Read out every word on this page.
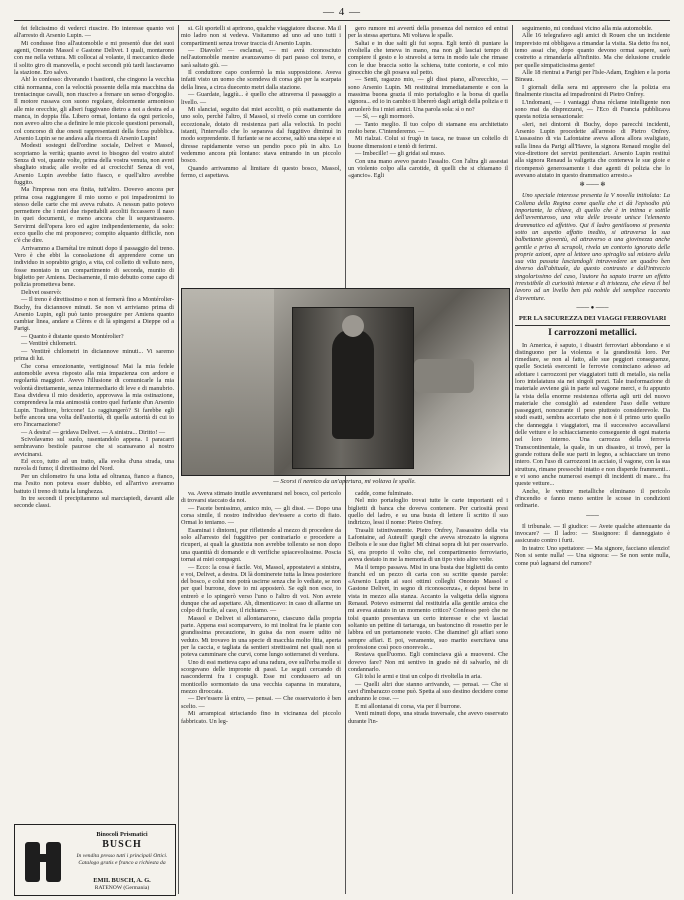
— 4 —

fei felicissimo di vederci riuscire. Ho interesse quanto voi all'arresto di Arsenio Lupin. —

Mi condusse fino all'automobile e mi presentò due dei suoi agenti, Onorato Massol e Gastone Delivet. I quali, montarono con me nella vettura. Mi collocai al volante, il meccanico diede il solito giro di manovella, e pochi secondi più tardi lasciavamo la stazione. Ero salvo.

Ah! lo confesso: divorando i bastioni, che cingono la vecchia città normanna, con la velocità possente della mia macchina da trentacinque cavalli, non riuscivo a frenare un senso d'orgoglio. Il motore russava con suono regolare, dolcemente armonioso alle mie orecchie, gli alberi fuggivano dietro a noi a destra ed a manca, in doppia fila. Libero ormai, lontano da ogni pericolo, non avevo altro che a definire le mie piccole questioni personali, col concorso di due onesti rappresentanti della forza pubblica. Arsenio Lupin se ne andava alla ricerca di Arsenio Lupin!

Modesti sostegni dell'ordine sociale, Delivet e Massol, scopriamo la verità; quanto avrei io bisogno del vostro aiuto! Senza di voi, quante volte, prima della vostra venuta, non avrei sbagliato strada; alle svolte ed ai crocicchi! Senza di voi, Arsenio Lupin avrebbe fatto fiasco, e quell'altro avrebbe fuggito.

Ma l'impresa non era finita, tutt'altro. Dovevo ancora per prima cosa raggiungere il mio uomo e poi impadronirmi io stesso delle carte che mi aveva rubato. A nessun patto potevo permettere che i miei due rispettabili accoliti ficcassero il naso in quei documenti, e meno ancora che li sequestrassero. Servirmi dell'opera loro ed agire indipendentemente, da solo: ecco quello che mi proponevo; compito alquanto difficile, non c'è che dire.

Arrivammo a Darnétal tre minuti dopo il passaggio del treno. Vero è che ebbi la consolazione di apprendere come un individuo in soprabito grigio, a vita, col colletto di velluto nero, fosse montato in un compartimento di seconda, munito di biglietto per Amiens. Decisamente, il mio debutto come capo di polizia prometteva bene.

Delivet osservò:

— Il treno è direttissimo e non si fermerà fino a Montérolier-Buchy, fra diciannove minuti. Se non vi arriviamo prima di Arsenio Lupin, egli può tanto proseguire per Amiens quanto cambiar linea, andare a Clères e di là spingersi a Dieppe od a Parigi.

— Quanto è distante questo Montérolier?

— Ventitrè chilometri.

— Ventitrè chilometri in diciannove minuti... Vi saremo prima di lui.

Che corsa emozionante, vertiginosa! Mai la mia fedele automobile aveva risposto alla mia impazienza con ardore e regolarità maggiori. Avevo l'illusione di comunicarle la mia volontà direttamente, senza intermediario di leve e di manubrio. Essa divideva il mio desiderio, approvava la mia ostinazione, comprendeva la mia animosità contro quel furfante d'un Arsenio Lupin. Traditore, briccone! Lo raggiungerò? Si farebbe egli beffe ancora una volta dell'autorità, di quella autorità di cui io ero l'incarnazione?

— A destra! — gridava Delivet. — A sinistra... Diritto! —

Scivolavamo sul suolo, rasentandolo appena. I paracarri sembravano bestiole paurose che si scansavano al nostro avvicinarsi.

Ed ecco, tutto ad un tratto, alla svolta d'una strada, una nuvola di fumo; il direttissimo del Nord.

Per un chilometro fu una lotta ad oltranza, fianco a fianco, ma l'esito non poteva esser dubbio, ed all'arrivo avevamo battuto il treno di tutta la lunghezza.

In tre secondi il precipitammo sul marciapiedi, davanti alle seconde classi.

si. Gli sportelli si aprirono, qualche viaggiatore discese. Ma il mio ladro non si vedeva. Visitammo ad uno ad uno tutti i compartimenti senza trovar traccia di Arsenio Lupin.

— Diavolo! — esclamai, — mi avrà riconosciuto nell'automobile mentre avanzavamo di pari passo col treno, e sarà saltato giù. —

Il conduttore capo confermò la mia supposizione. Aveva infatti visto un uomo che scendeva di corsa giù per la scarpata della linea, a circa duecento metri dalla stazione.

— Guardate, laggiù... è quello che attraversa il passaggio a livello. —

Mi slanciai, seguito dai miei accoliti, o più esattamente da uno solo, perchè l'altro, il Massol, si rivelò come un corridore eccezionale, dotato di resistenza pari alla velocità. In pochi istanti, l'intervallo che lo separava dal fuggitivo diminuì in modo sorprendente. Il furfante se ne accorse, saltò una siepe e si diresse rapidamente verso un pendio poco più in alto. Lo vedemmo ancora più lontano: stava entrando in un piccolo bosco.

Quando arrivammo al limitare di questo bosco, Massol, fermo, ci aspettava.

gero rumore mi avvertì della presenza del nemico ed entrai per la stessa apertura. Mi voltava le spalle.

Saltai e in due salti gli fui sopra. Egli tentò di puntare la rivoltella che teneva in mano, ma non gli lasciai tempo di compiere il gesto e lo stravolsi a terra in modo tale che rimase con le due braccia sotto la schiena, tutte contorte, e col mio ginocchio che gli posava sul petto.

— Senti, ragazzo mio, — gli dissi piano, all'orecchio, — sono Arsenio Lupin. Mi restituirai immediatamente e con la massima buona grazia il mio portafoglio e la borsa di quella signora... ed io in cambio ti libererò dagli artigli della polizia e ti arruolerò fra i miei amici. Una parola sola: sì o no?

— Sì, — egli mormorò.

— Tanto meglio. Il tuo colpo di stamane era architettato molto bene. C'intenderemo. —

Mi rialzai. Colui si frugò in tasca, ne trasse un coltello di buone dimensioni e tentò di ferirmi.

— Imbecille! — gli gridai sul muso.

Con una mano avevo parato l'assalto. Con l'altra gli assestai un violento colpo alla carotide, di quelli che si chiamano il «gancio». Egli

— Scorsi il nemico da un'apertura, mi voltava le spalle.

va. Aveva stimato inutile avventurarsi nel bosco, col pericolo di trovarsi staccato da noi.

— Facete benissimo, amico mio, — gli dissi. — Dopo una corsa simile, il nostro individuo dev'essere a corto di fiato. Ormai lo teniamo. —

Esaminai i dintorni, pur riflettendo al mezzo di procedere da solo all'arresto del fuggitivo per contrariarlo e procedere a ricuperi, ai quali la giustizia non avrebbe tollerato se non dopo una quantità di domande e di verifiche spiacevolissime. Poscia tornai ai miei compagni.

— Ecco: la cosa è facile. Voi, Massol, appostatevi a sinistra, e voi, Delivet, a destra. Di là dominerete tutta la linea posteriore del bosco, e colui non potrà uscirne senza che lo vediate, se non per quel burrone, dove io mi apposterò. Se egli non esce, io entrerò e lo spingerò verso l'uno o l'altro di voi. Non avrete dunque che ad aspettare. Ah, dimenticavo: in caso di allarme un colpo di fucile, al caso, il richiamo. —

Massol e Delivet si allontanarono, ciascuno dalla propria parte. Appena essi scomparvero, io mi inoltrai fra le piante con grandissima precauzione, in guisa da non essere udito nè veduto. Mi trovavo in una specie di macchia molto fitta, aperta per la caccia, e tagliata da sentieri strettissimi nei quali non si poteva camminare che curvi, come lungo sotterranei di verdura.

Uno di essi metteva capo ad una radura, ove sull'erba molle si scorgevano delle impronte di passi. Le seguii cercando di nascondermi fra i cespugli. Esse mi condussero ad un monticello sormontato da una vecchia capanna in muratura, mezzo diroccata.

— Dev'essere là entro, — pensai. — Che osservatorio è ben scelto. —

Mi arrampicai strisciando fino in vicinanza del piccolo fabbricato. Un leg-

cadde, come fulminato.

Nel mio portafoglio trovai tutte le carte importanti ed i biglietti di banca che doveva contenere. Per curiosità presi quello del ladro, e su una busta di lettere lì scritto il suo indirizzo, lessi il nome: Pietro Onfrey.

Trasalii istintivamente. Pietro Onfrey, l'assassino della via Lafontaine, ad Auteuil! quegli che aveva strozzato la signora Delbois e le sue due figlie! Mi chinai sopra di lui per osservarlo. Sì, era proprio il volto che, nel compartimento ferroviario, aveva destato in me la memoria di un tipo visto altre volte.

Ma il tempo passava. Misi in una busta due biglietti da cento franchi ed un pezzo di carta con su scritte queste parole: «Arsenio Lupin ai suoi ottimi colleghi Onorato Massol e Gastone Delivet, in segno di riconoscenza», e deposi bene in vista in mezzo alla stanza. Accanto la valigetta della signora Renaud. Potevo esimermi dal restituirla alla gentile amica che mi aveva aiutato in un momento critico? Confesso però che ne tolsi quanto presentava un certo interesse e che vi lasciai soltanto un pettine di tartaruga, un bastoncino di rossetto per le labbra ed un portamonete vuoto. Che diamine! gli affari sono sempre affari. E poi, veramente, suo marito esercitava una professione così poco onorevole...

Restava quell'uomo. Egli cominciava già a muoversi. Che dovevo fare? Non mi sentivo in grado nè di salvarlo, nè di condannarlo.

Gli tolsi le armi e tirai un colpo di rivoltella in aria.

— Quelli altri due stanno arrivando, — pensai. — Che si cavi d'imbarazzo come può. Spetta al suo destino decidere come andranno le cose. —

E mi allontanai di corsa, via per il burrone.

Venti minuti dopo, una strada traversale, che avevo osservato durante l'in-

seguimento, mi condussi vicino alla mia automobile.

Alle 16 telegrafavo agli amici di Rouen che un incidente imprevisto mi obbligava a rimandar la visita. Sia detto fra noi, temo assai che, dopo quanto devono ormai sapere, sarò costretto a rimandarla all'infinito. Ma che delusione crudele per quelle simpaticissima gente!

Alle 18 rientrai a Parigi per l'Isle-Adam, Enghien e la porta Bineau.

I giornali della sera mi appresero che la polizia era finalmente riuscita ad impadronirsi di Pietro Onfrey.

L'indomani, — i vantaggi d'una réclame intelligente non sono mai da disprezzarsi, — l'Eco di Francia pubblicava questa notizia sensazionale:

«Ieri, nei dintorni di Buchy, dopo parecchi incidenti, Arsenio Lupin procedette all'arresto di Pietro Onfrey. L'assassino di via Lafontaine aveva allora allora svaligiato, sulla linea da Parigi all'Havre, la signora Renaud moglie del vice-direttore dei servizi penitenziari. Arsenio Lupin restituì alla signora Renaud la valigetta che conteneva le sue gioie e ricompensò generosamente i due agenti di polizia che lo avevano aiutato in questo drammatico arresto.»

✻ ─── ✻

Uno speciale interesse presenta la V novella intitolata: La Collana della Regina come quella che ci dà l'episodio più importante, la chiave, di quello che è in intima e sottile dell'avventuroso, una vita delle trovate unisce l'elemento drammatico ed affettivo. Qui il ladro gentiluomo si presenta sotto un aspetto affatto inedito, si attraversa la sua balbettante gioventù, ed attraverso a una giovinezza anche gentile e priva di scrupoli, rivela un contorto ignorato delle proprie azioni, apre al lettore uno spiraglio sul mistero della sua vita passata lasciandogli intravvedere un quadro ben diverso dall'abituale, da questo contrasto e dall'intreccio singolarissimo del caso, l'autore ha saputo trarre un effetto irresistibile di curiosità intense e di tristezza, che eleva il bel lavoro ad un livello ben più nobile del semplice racconto d'avventure.

─── ● ───

PER LA SICUREZZA DEI VIAGGI FERROVIARI

I carrozzoni metallici.

In America, è saputo, i disastri ferroviari abbondano e si distinguono per la violenza e la grandiosità loro. Per rimediare, se non al fatto, alle sue peggiori conseguenze, quelle Società esercenti le ferrovie cominciano adesso ad adottare i carrozzoni per viaggiatori tutti di metallo, sia nella loro intelaiatura sia nei singoli pezzi. Tale trasformazione di materiale avviene già in parte sul vagone merci, e fu appunto la vista della enorme resistenza offerta agli urti del nuovo materiale che consigliò ad estendere l'uso delle vetture passeggeri, noncurante il peso piuttosto considerevole. Da studi esatti, sembra accertato che non è il primo urto quello che danneggia i viaggiatori, ma il successivo accavallarsi delle vetture e lo schiacciamento conseguente di ogni materia nel loro interno. Una carrozza della ferrovia Transcontinentale, la quale, in un disastro, si trovò, per la grande rottura delle sue parti in legno, a schiacciare un treno intero. Con l'uso di carrozzoni in acciaio, il vagone, con la sua struttura, rimane pressoché intatto e non disperde frammenti... e vi sono anche numerosi esempi di incidenti di mare... fra queste vetture...

Anche, le vetture metalliche eliminano il pericolo d'incendio e fanno meno sentire le scosse in condizioni ordinarie.

───

Il tribunale. — Il giudice: — Avete qualche attenuante da invocare? — Il ladro: — Sissignore: il danneggiato è assicurato contro i furti.

In teatro: Uno spettatore: — Ma signore, facciano silenzio! Non si sente nulla! — Una signora: — Se non sente nulla, come può lagnarsi del rumore?

Binocoli Prismatici
BUSCH
In vendita presso tutti i principali Ottici. Catalogo gratis e franco a richiesta da
EMIL BUSCH, A. G.
RATENOW (Germania)
